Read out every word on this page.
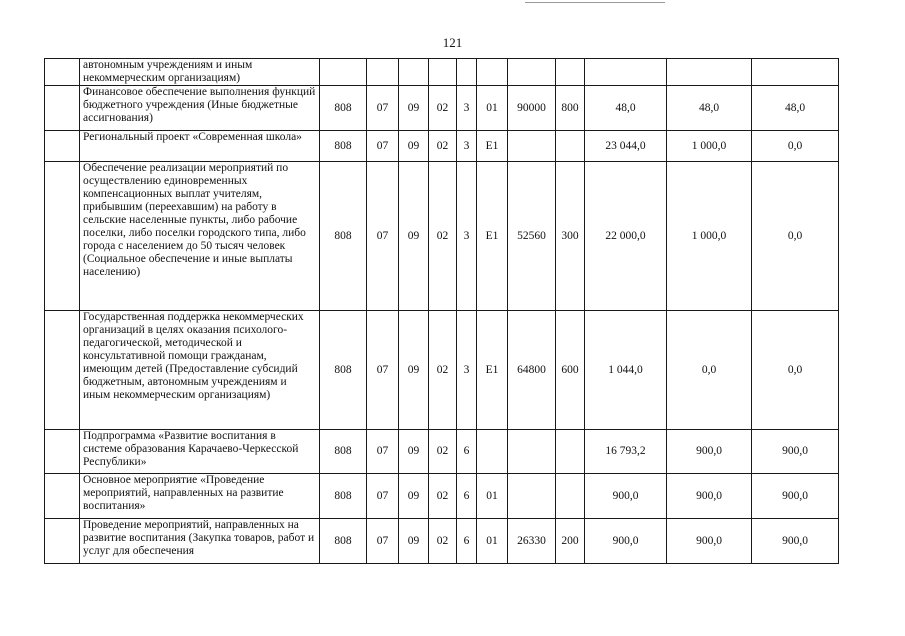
121
	автономным учреждениям и иным некоммерческим организациям)											
	Финансовое обеспечение выполнения функций бюджетного учреждения (Иные бюджетные ассигнования)	808	07	09	02	3	01	90000	800	48,0	48,0	48,0
	Региональный проект «Современная школа»	808	07	09	02	3	E1			23 044,0	1 000,0	0,0
	Обеспечение реализации мероприятий по осуществлению единовременных компенсационных выплат учителям, прибывшим (переехавшим) на работу в сельские населенные пункты, либо рабочие поселки, либо поселки городского типа, либо города с населением до 50 тысяч человек (Социальное обеспечение и иные выплаты населению)	808	07	09	02	3	E1	52560	300	22 000,0	1 000,0	0,0
	Государственная поддержка некоммерческих организаций в целях оказания психолого-педагогической, методической и консультативной помощи гражданам, имеющим детей (Предоставление субсидий бюджетным, автономным учреждениям и иным некоммерческим организациям)	808	07	09	02	3	E1	64800	600	1 044,0	0,0	0,0
	Подпрограмма «Развитие воспитания в системе образования Карачаево-Черкесской Республики»	808	07	09	02	6				16 793,2	900,0	900,0
	Основное мероприятие «Проведение мероприятий, направленных на развитие воспитания»	808	07	09	02	6	01			900,0	900,0	900,0
	Проведение мероприятий, направленных на развитие воспитания (Закупка товаров, работ и услуг для обеспечения	808	07	09	02	6	01	26330	200	900,0	900,0	900,0
